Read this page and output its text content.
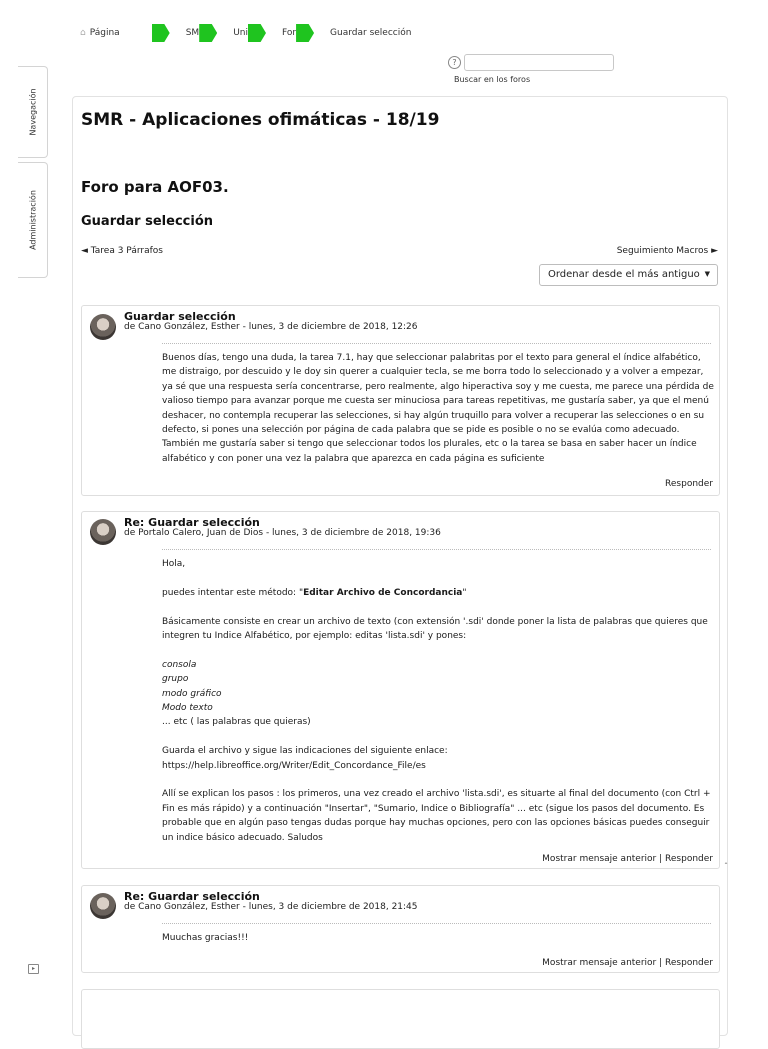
⌂ Página	SM	Uni	For	Guardar selección
?
Buscar en los foros
Navegación
Administración
▸
SMR - Aplicaciones ofimáticas - 18/19
Foro para AOF03.
Guardar selección
◄ Tarea 3 Párrafos	Seguimiento Macros ►
Ordenar desde el más antiguo ▼
Guardar selección
de Cano González, Esther - lunes, 3 de diciembre de 2018, 12:26
Buenos días, tengo una duda, la tarea 7.1, hay que seleccionar palabritas por el texto para general el índice alfabético, me distraigo, por descuido y le doy sin querer a cualquier tecla, se me borra todo lo seleccionado y a volver a empezar, ya sé que una respuesta sería concentrarse, pero realmente, algo hiperactiva soy y me cuesta, me parece una pérdida de valioso tiempo para avanzar porque me cuesta ser minuciosa para tareas repetitivas, me gustaría saber, ya que el menú deshacer, no contempla recuperar las selecciones, si hay algún truquillo para volver a recuperar las selecciones o en su defecto, si pones una selección por página de cada palabra que se pide es posible o no se evalúa como adecuado. También me gustaría saber si tengo que seleccionar todos los plurales, etc o la tarea se basa en saber hacer un índice alfabético y con poner una vez la palabra que aparezca en cada página es suficiente
Responder
Re: Guardar selección
de Portalo Calero, Juan de Dios - lunes, 3 de diciembre de 2018, 19:36

Hola,

puedes intentar este método: "Editar Archivo de Concordancia"

Básicamente consiste en crear un archivo de texto (con extensión '.sdi' donde poner la lista de palabras que quieres que integren tu Indice Alfabético, por ejemplo: editas 'lista.sdi' y pones:

consola

grupo

modo gráfico

Modo texto

... etc ( las palabras que quieras)

Guarda el archivo y sigue las indicaciones del siguiente enlace:

https://help.libreoffice.org/Writer/Edit_Concordance_File/es

Allí se explican los pasos : los primeros, una vez creado el archivo 'lista.sdi', es situarte al final del documento (con Ctrl + Fin es más rápido) y a continuación "Insertar", "Sumario, Indice o Bibliografía" ... etc (sigue los pasos del documento. Es probable que en algún paso tengas dudas porque hay muchas opciones, pero con las opciones básicas puedes conseguir un indice básico adecuado. Saludos

Mostrar mensaje anterior | Responder
ˆ
Re: Guardar selección
de Cano González, Esther - lunes, 3 de diciembre de 2018, 21:45
Muuchas gracias!!!
Mostrar mensaje anterior | Responder
